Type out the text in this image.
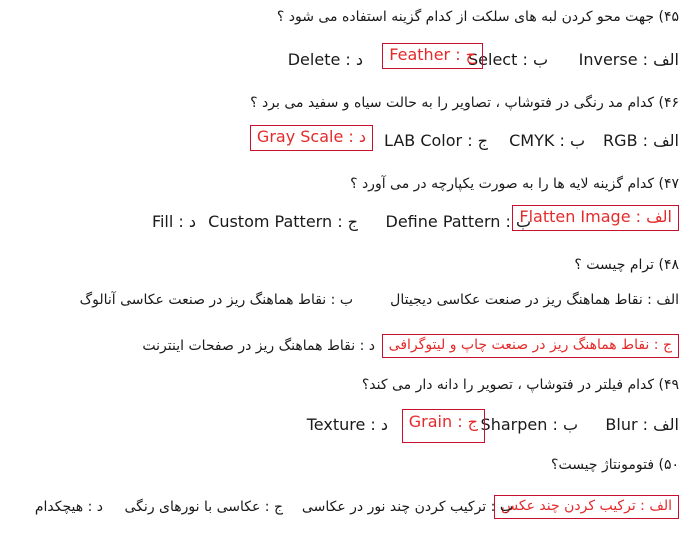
۴۵) جهت محو کردن لبه های سلکت از کدام گزینه استفاده می شود ؟
الف : Inverse
ب : Select
ج : Feather
د : Delete
۴۶) کدام مد رنگی در فتوشاپ ، تصاویر را به حالت سیاه و سفید می برد ؟
الف : RGB
ب : CMYK
ج : LAB Color
د : Gray Scale
۴۷) کدام گزینه لایه ها را به صورت یکپارچه در می آورد ؟
الف : Flatten Image
ب : Define Pattern
ج : Custom Pattern
د : Fill
۴۸) ترام چیست ؟
الف : نقاط هماهنگ ریز در صنعت عکاسی دیجیتال
ب : نقاط هماهنگ ریز در صنعت عکاسی آنالوگ
ج : نقاط هماهنگ ریز در صنعت چاپ و لیتوگرافی
د : نقاط هماهنگ ریز در صفحات اینترنت
۴۹) کدام فیلتر در فتوشاپ ، تصویر را دانه دار می کند؟
الف : Blur
ب : Sharpen
ج : Grain
د : Texture
۵۰) فتومونتاژ چیست؟
الف : ترکیب کردن چند عکس
ب : ترکیب کردن چند نور در عکاسی
ج : عکاسی با نورهای رنگی
د : هیچکدام
